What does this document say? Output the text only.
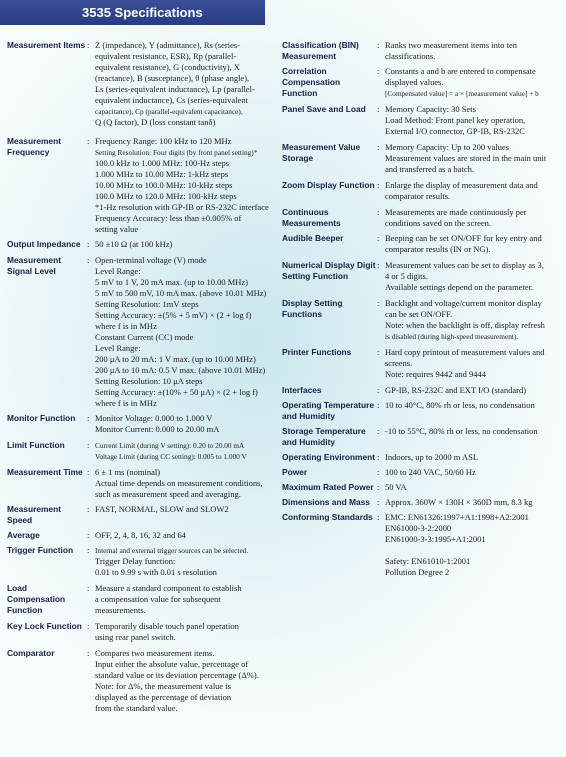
3535 Specifications
Measurement Items : Z (impedance), Y (admittance), Rs (series-
equivalent resistance, ESR), Rp (parallel-
equivalent resistance), G (conductivity), X
(reactance), B (susceptance), θ (phase angle),
Ls (series-equivalent inductance), Lp (parallel-
equivalent inductance), Cs (series-equivalent
capacitance), Cp (parallel-equivalent capacitance),
Q (Q factor), D (loss constant tanδ)
Measurement Frequency
: Frequency Range: 100 kHz to 120 MHz
Setting Resolution: Four digits (by front panel setting)*
100.0 kHz to 1.000 MHz: 100-Hz steps
1.000 MHz to 10.00 MHz: 1-kHz steps
10.00 MHz to 100.0 MHz: 10-kHz steps
100.0 MHz to 120.0 MHz: 100-kHz steps
*1-Hz resolution with GP-IB or RS-232C interface
Frequency Accuracy: less than ±0.005% of
setting value
Output Impedance : 50 ±10 Ω (at 100 kHz)
Measurement Signal Level
: Open-terminal voltage (V) mode
Level Range:
5 mV to 1 V, 20 mA max. (up to 10.00 MHz)
5 mV to 500 mV, 10 mA max. (above 10.01 MHz)
Setting Resolution: 1mV steps
Setting Accuracy: ±(5% + 5 mV) × (2 + log f)
where f is in MHz
Constant Current (CC) mode
Level Range:
200 μA to 20 mA: 1 V max. (up to 10.00 MHz)
200 μA to 10 mA: 0.5 V max. (above 10.01 MHz)
Setting Resolution: 10 μA steps
Setting Accuracy: ±(10% + 50 μA) × (2 + log f)
where f is in MHz
Monitor Function	: Monitor Voltage: 0.000 to 1.000 V
Monitor Current: 0.000 to 20.00 mA
Limit Function	: Current Limit (during V setting): 0.20 to 20.00 mA
Voltage Limit (during CC setting): 0.005 to 1.000 V
Measurement Time : 6 ± 1 ms (nominal)
Actual time depends on measurement conditions,
such as measurement speed and averaging.
Measurement Speed
: FAST, NORMAL, SLOW and SLOW2
Average	: OFF, 2, 4, 8, 16, 32 and 64
Trigger Function	: Internal and external trigger sources can be selected.
Trigger Delay function:
0.01 to 9.99 s with 0.01 s resolution
Load Compensation Function
: Measure a standard component to establish
a compensation value for subsequent
measurements.
Key Lock Function : Temporarily disable touch panel operation
using rear panel switch.
Comparator	: Compares two measurement items.
Input either the absolute value, percentage of
standard value or its deviation percentage (Δ%).
Note: for Δ%, the measurement value is
displayed as the percentage of deviation
from the standard value.
Classification (BIN) Measurement
: Ranks two measurement items into ten
classifications.
Correlation Compensation Function
: Constants a and b are entered to compensate
displayed values.
[Compensated value] = a × [measurement value] + b
Panel Save and Load	: Memory Capacity: 30 Sets
Load Method: Front panel key operation,
External I/O connector, GP-IB, RS-232C
Measurement Value Storage
: Memory Capacity: Up to 200 values
Measurement values are stored in the main unit
and transferred as a batch.
Zoom Display Function : Enlarge the display of measurement data and
comparator results.
Continuous Measurements
: Measurements are made continuously per
conditions saved on the screen.
Audible Beeper	: Beeping can be set ON/OFF for key entry and
comparator results (IN or NG).
Numerical Display Digit Setting Function
: Measurement values can be set to display as 3,
4 or 5 digits.
Available settings depend on the parameter.
Display Setting Functions
: Backlight and voltage/current monitor display
can be set ON/OFF.
Note: when the backlight is off, display refresh
is disabled (during high-speed measurement).
Printer Functions	: Hard copy printout of measurement values and
screens.
Note: requires 9442 and 9444
Interfaces	: GP-IB, RS-232C and EXT I/O (standard)
Operating Temperature and Humidity
: 10 to 40°C, 80% rh or less, no condensation
Storage Temperature and Humidity
: -10 to 55°C, 80% rh or less, no condensation
Operating Environment : Indoors, up to 2000 m ASL
Power	: 100 to 240 VAC, 50/60 Hz
Maximum Rated Power : 50 VA
Dimensions and Mass : Approx. 360W × 130H × 360D mm, 8.3 kg
Conforming Standards : EMC: EN61326:1997+A1:1998+A2:2001
EN61000-3-2:2000
EN61000-3-3:1995+A1:2001

Safety: EN61010-1:2001
Pollution Degree 2
